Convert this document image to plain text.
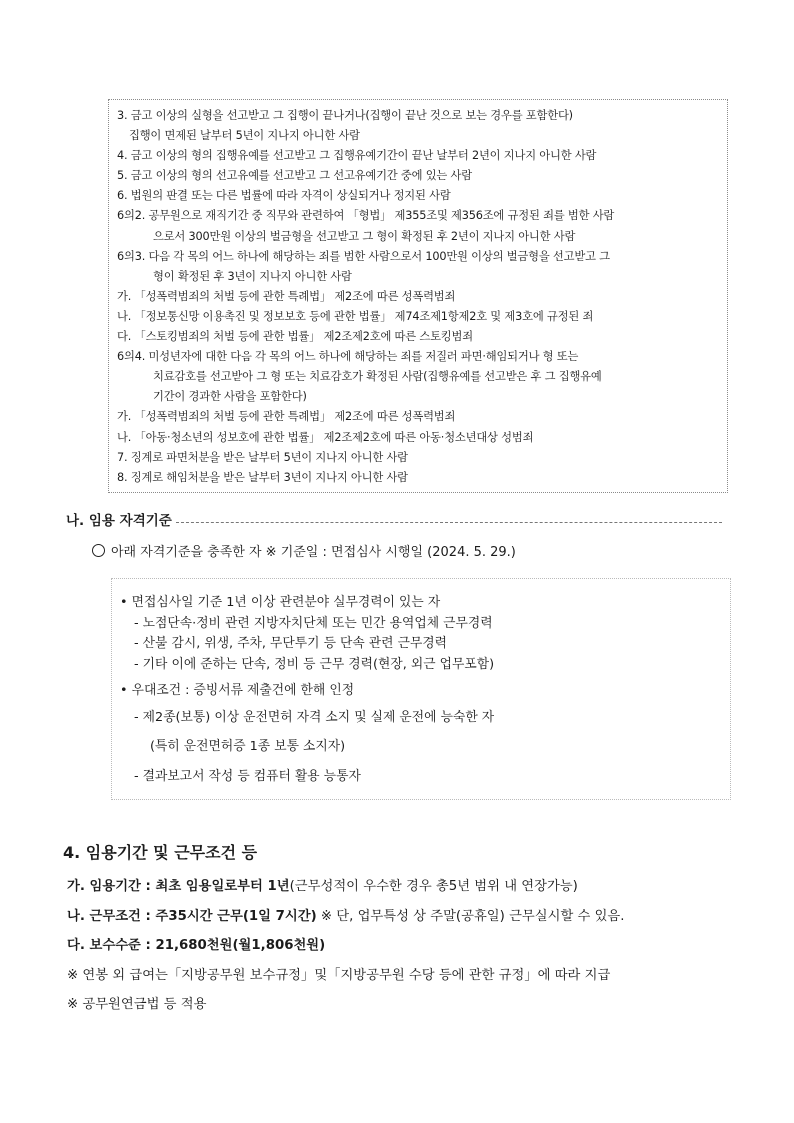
3. 금고 이상의 실형을 선고받고 그 집행이 끝나거나(집행이 끝난 것으로 보는 경우를 포함한다)
집행이 면제된 날부터 5년이 지나지 아니한 사람
4. 금고 이상의 형의 집행유예를 선고받고 그 집행유예기간이 끝난 날부터 2년이 지나지 아니한 사람
5. 금고 이상의 형의 선고유예를 선고받고 그 선고유예기간 중에 있는 사람
6. 법원의 판결 또는 다른 법률에 따라 자격이 상실되거나 정지된 사람
6의2. 공무원으로 재직기간 중 직무와 관련하여 「형법」 제355조및 제356조에 규정된 죄를 범한 사람
으로서 300만원 이상의 벌금형을 선고받고 그 형이 확정된 후 2년이 지나지 아니한 사람
6의3. 다음 각 목의 어느 하나에 해당하는 죄를 범한 사람으로서 100만원 이상의 벌금형을 선고받고 그
형이 확정된 후 3년이 지나지 아니한 사람
가. 「성폭력범죄의 처벌 등에 관한 특례법」 제2조에 따른 성폭력범죄
나. 「정보통신망 이용촉진 및 정보보호 등에 관한 법률」 제74조제1항제2호 및 제3호에 규정된 죄
다. 「스토킹범죄의 처벌 등에 관한 법률」 제2조제2호에 따른 스토킹범죄
6의4. 미성년자에 대한 다음 각 목의 어느 하나에 해당하는 죄를 저질러 파면·해임되거나 형 또는
치료감호를 선고받아 그 형 또는 치료감호가 확정된 사람(집행유예를 선고받은 후 그 집행유예
기간이 경과한 사람을 포함한다)
가. 「성폭력범죄의 처벌 등에 관한 특례법」 제2조에 따른 성폭력범죄
나. 「아동·청소년의 성보호에 관한 법률」 제2조제2호에 따른 아동·청소년대상 성범죄
7. 징계로 파면처분을 받은 날부터 5년이 지나지 아니한 사람
8. 징계로 해임처분을 받은 날부터 3년이 지나지 아니한 사람
나. 임용 자격기준
아래 자격기준을 충족한 자 ※ 기준일 : 면접심사 시행일 (2024. 5. 29.)
• 면접심사일 기준 1년 이상 관련분야 실무경력이 있는 자
- 노점단속·정비 관련 지방자치단체 또는 민간 용역업체 근무경력
- 산불 감시, 위생, 주차, 무단투기 등 단속 관련 근무경력
- 기타 이에 준하는 단속, 정비 등 근무 경력(현장, 외근 업무포함)
• 우대조건 : 증빙서류 제출건에 한해 인정
- 제2종(보통) 이상 운전면허 자격 소지 및 실제 운전에 능숙한 자
(특히 운전면허증 1종 보통 소지자)
- 결과보고서 작성 등 컴퓨터 활용 능통자
4. 임용기간 및 근무조건 등
가. 임용기간 : 최초 임용일로부터 1년(근무성적이 우수한 경우 총5년 범위 내 연장가능)
나. 근무조건 : 주35시간 근무(1일 7시간) ※ 단, 업무특성 상 주말(공휴일) 근무실시할 수 있음.
다. 보수수준 : 21,680천원(월1,806천원)
※ 연봉 외 급여는「지방공무원 보수규정」및「지방공무원 수당 등에 관한 규정」에 따라 지급
※ 공무원연금법 등 적용
